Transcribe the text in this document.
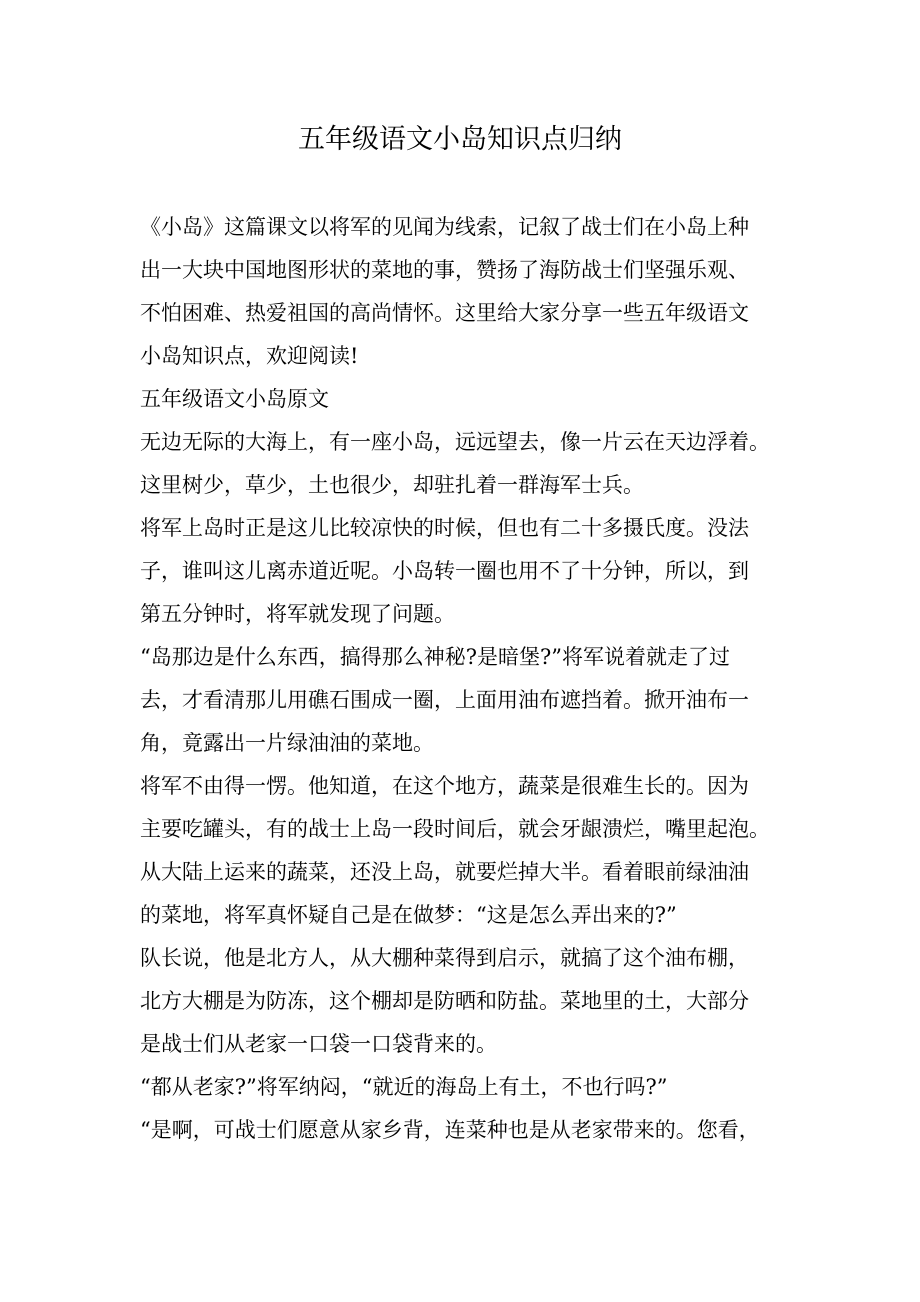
五年级语文小岛知识点归纳
《小岛》这篇课文以将军的见闻为线索，记叙了战士们在小岛上种
出一大块中国地图形状的菜地的事，赞扬了海防战士们坚强乐观、
不怕困难、热爱祖国的高尚情怀。这里给大家分享一些五年级语文
小岛知识点，欢迎阅读!
五年级语文小岛原文
无边无际的大海上，有一座小岛，远远望去，像一片云在天边浮着。
这里树少，草少，土也很少，却驻扎着一群海军士兵。
将军上岛时正是这儿比较凉快的时候，但也有二十多摄氏度。没法
子，谁叫这儿离赤道近呢。小岛转一圈也用不了十分钟，所以，到
第五分钟时，将军就发现了问题。
“岛那边是什么东西，搞得那么神秘?是暗堡?”将军说着就走了过
去，才看清那儿用礁石围成一圈，上面用油布遮挡着。掀开油布一
角，竟露出一片绿油油的菜地。
将军不由得一愣。他知道，在这个地方，蔬菜是很难生长的。因为
主要吃罐头，有的战士上岛一段时间后，就会牙龈溃烂，嘴里起泡。
从大陆上运来的蔬菜，还没上岛，就要烂掉大半。看着眼前绿油油
的菜地，将军真怀疑自己是在做梦：“这是怎么弄出来的?”
队长说，他是北方人，从大棚种菜得到启示，就搞了这个油布棚，
北方大棚是为防冻，这个棚却是防晒和防盐。菜地里的土，大部分
是战士们从老家一口袋一口袋背来的。
“都从老家?”将军纳闷，“就近的海岛上有土，不也行吗?”
“是啊，可战士们愿意从家乡背，连菜种也是从老家带来的。您看，
